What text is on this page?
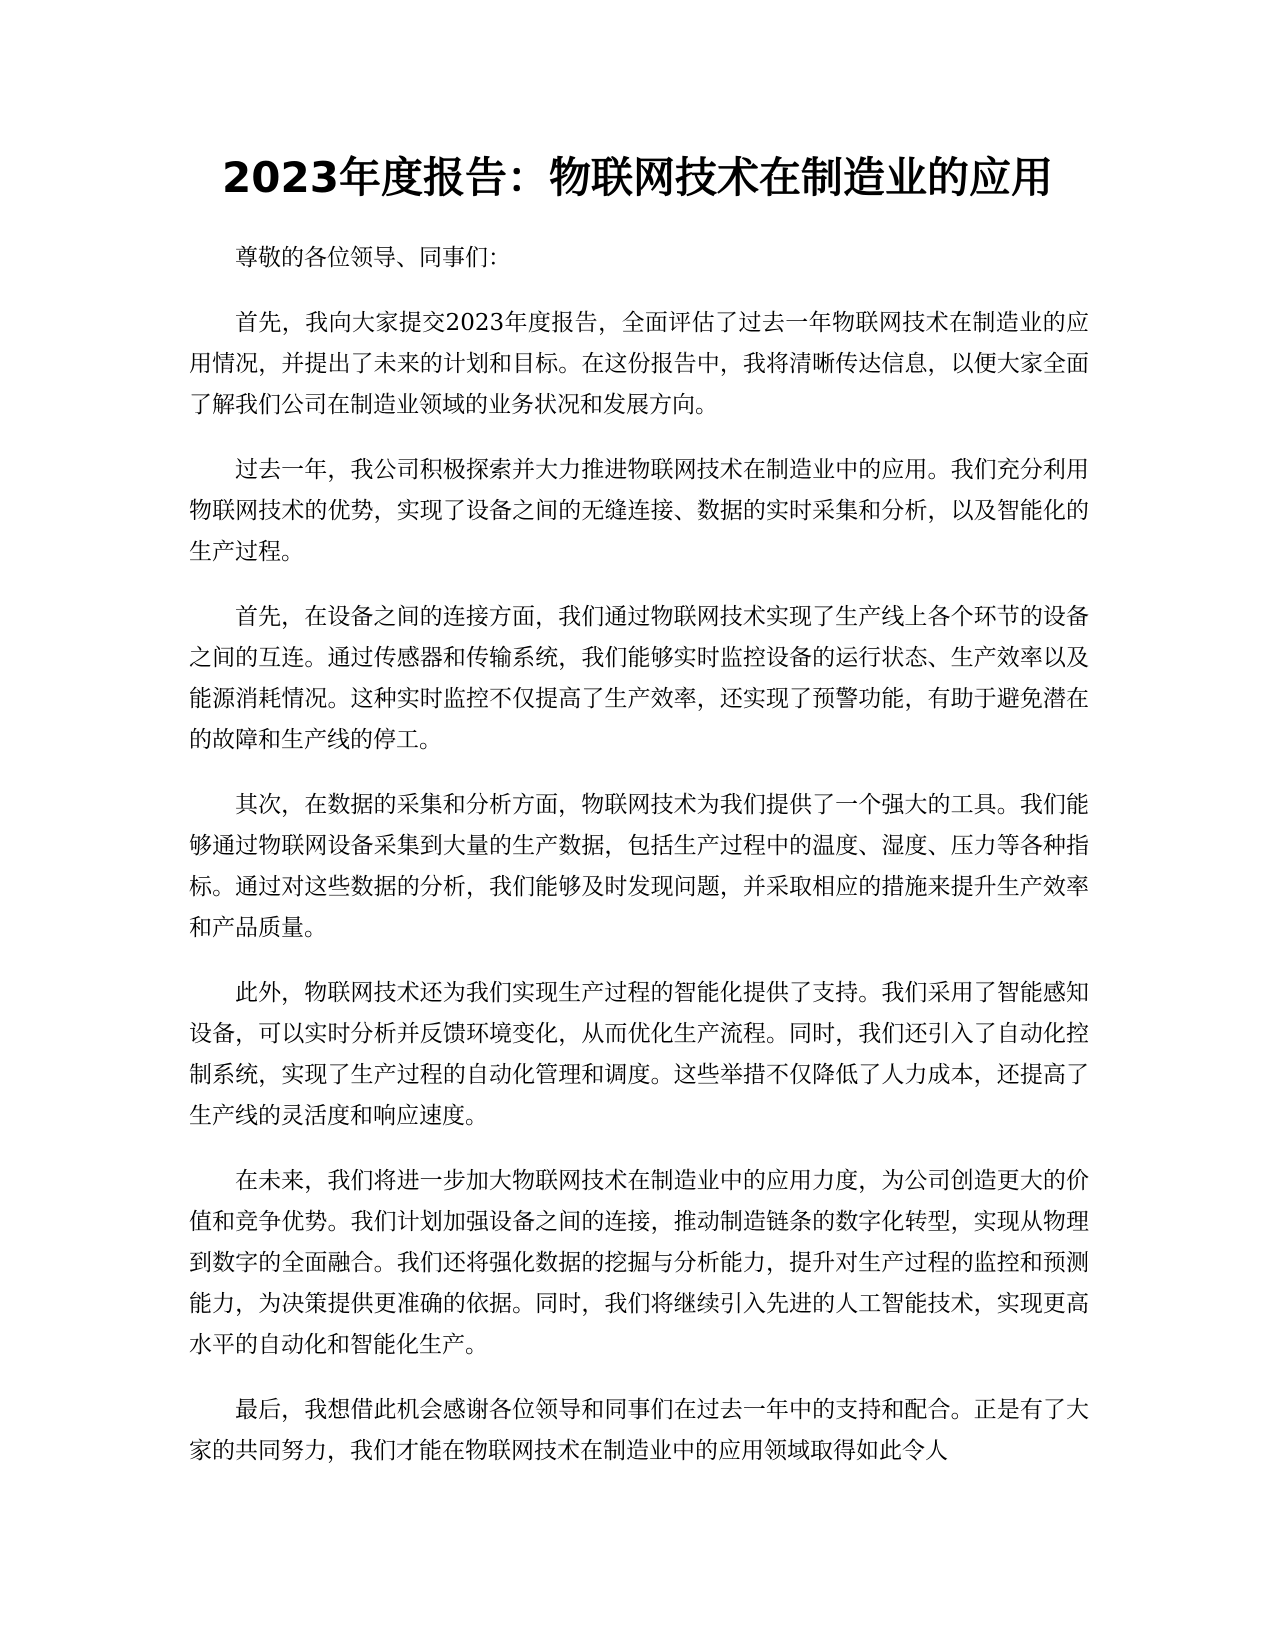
2023年度报告：物联网技术在制造业的应用

尊敬的各位领导、同事们：

首先，我向大家提交2023年度报告，全面评估了过去一年物联网技术在制造业的应用情况，并提出了未来的计划和目标。在这份报告中，我将清晰传达信息，以便大家全面了解我们公司在制造业领域的业务状况和发展方向。

过去一年，我公司积极探索并大力推进物联网技术在制造业中的应用。我们充分利用物联网技术的优势，实现了设备之间的无缝连接、数据的实时采集和分析，以及智能化的生产过程。

首先，在设备之间的连接方面，我们通过物联网技术实现了生产线上各个环节的设备之间的互连。通过传感器和传输系统，我们能够实时监控设备的运行状态、生产效率以及能源消耗情况。这种实时监控不仅提高了生产效率，还实现了预警功能，有助于避免潜在的故障和生产线的停工。

其次，在数据的采集和分析方面，物联网技术为我们提供了一个强大的工具。我们能够通过物联网设备采集到大量的生产数据，包括生产过程中的温度、湿度、压力等各种指标。通过对这些数据的分析，我们能够及时发现问题，并采取相应的措施来提升生产效率和产品质量。

此外，物联网技术还为我们实现生产过程的智能化提供了支持。我们采用了智能感知设备，可以实时分析并反馈环境变化，从而优化生产流程。同时，我们还引入了自动化控制系统，实现了生产过程的自动化管理和调度。这些举措不仅降低了人力成本，还提高了生产线的灵活度和响应速度。

在未来，我们将进一步加大物联网技术在制造业中的应用力度，为公司创造更大的价值和竞争优势。我们计划加强设备之间的连接，推动制造链条的数字化转型，实现从物理到数字的全面融合。我们还将强化数据的挖掘与分析能力，提升对生产过程的监控和预测能力，为决策提供更准确的依据。同时，我们将继续引入先进的人工智能技术，实现更高水平的自动化和智能化生产。

最后，我想借此机会感谢各位领导和同事们在过去一年中的支持和配合。正是有了大家的共同努力，我们才能在物联网技术在制造业中的应用领域取得如此令人
